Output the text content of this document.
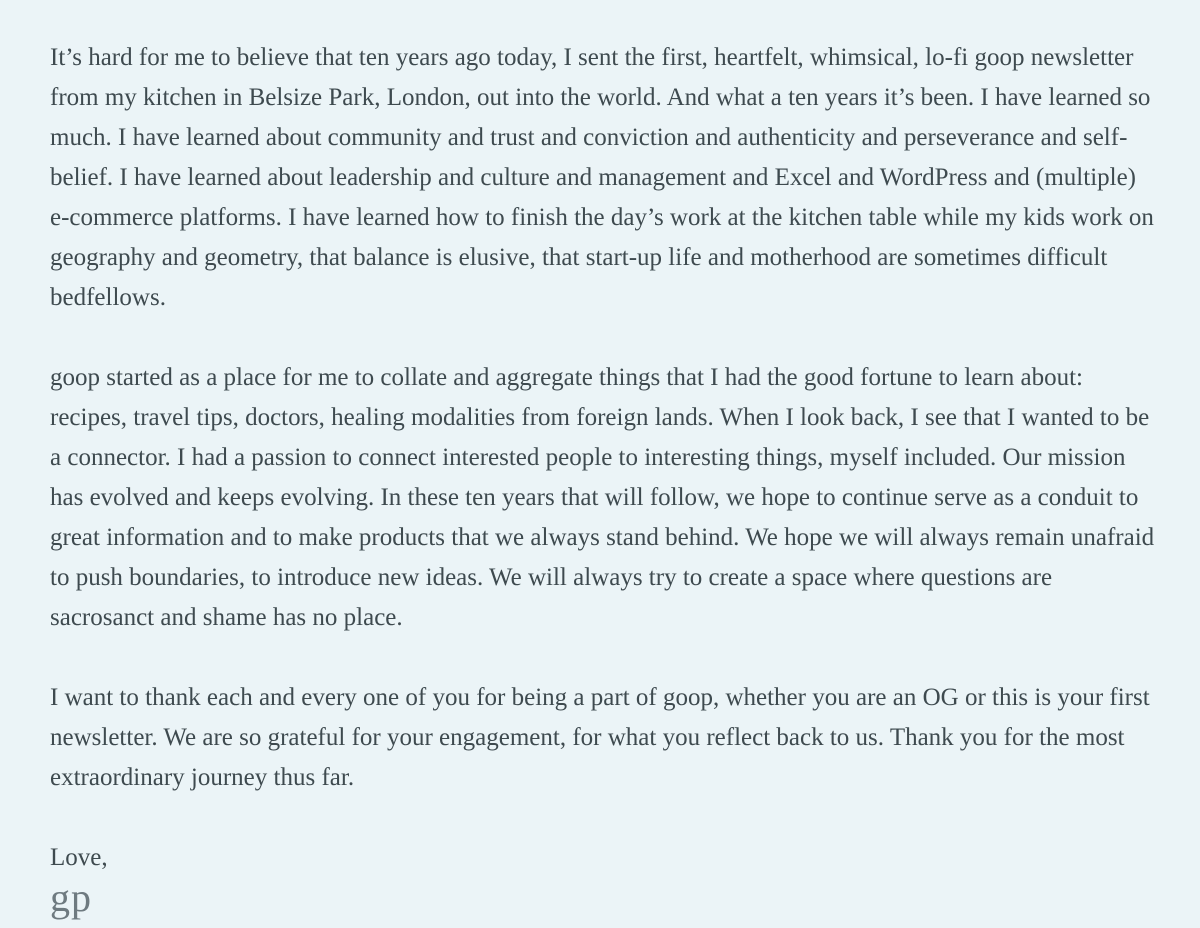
It’s hard for me to believe that ten years ago today, I sent the first, heartfelt, whimsical, lo-fi goop newsletter from my kitchen in Belsize Park, London, out into the world. And what a ten years it’s been. I have learned so much. I have learned about community and trust and conviction and authenticity and perseverance and self-belief. I have learned about leadership and culture and management and Excel and WordPress and (multiple) e-commerce platforms. I have learned how to finish the day’s work at the kitchen table while my kids work on geography and geometry, that balance is elusive, that start-up life and motherhood are sometimes difficult bedfellows.

goop started as a place for me to collate and aggregate things that I had the good fortune to learn about: recipes, travel tips, doctors, healing modalities from foreign lands. When I look back, I see that I wanted to be a connector. I had a passion to connect interested people to interesting things, myself included. Our mission has evolved and keeps evolving. In these ten years that will follow, we hope to continue serve as a conduit to great information and to make products that we always stand behind. We hope we will always remain unafraid to push boundaries, to introduce new ideas. We will always try to create a space where questions are sacrosanct and shame has no place.

I want to thank each and every one of you for being a part of goop, whether you are an OG or this is your first newsletter. We are so grateful for your engagement, for what you reflect back to us. Thank you for the most extraordinary journey thus far.

Love,

gp
